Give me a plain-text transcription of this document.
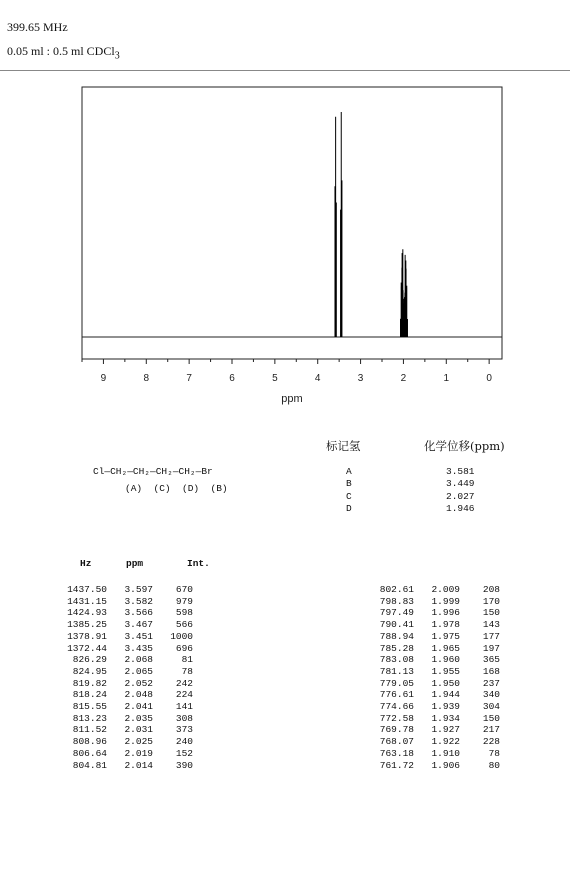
399.65 MHz
0.05 ml : 0.5 ml CDCl$_3$
9	8	7	6	5	4	3	2	1	0
ppm
Cl—CH₂—CH₂—CH₂—CH₂—Br
(A)  (C)  (D)  (B)
标记氢	化学位移(ppm)
A	3.581
B	3.449
C	2.027
D	1.946
Hz	ppm	Int.
1437.50	3.597	670
1431.15	3.582	979
1424.93	3.566	598
1385.25	3.467	566
1378.91	3.451	1000
1372.44	3.435	696
826.29	2.068	81
824.95	2.065	78
819.82	2.052	242
818.24	2.048	224
815.55	2.041	141
813.23	2.035	308
811.52	2.031	373
808.96	2.025	240
806.64	2.019	152
804.81	2.014	390
802.61	2.009	208
798.83	1.999	170
797.49	1.996	150
790.41	1.978	143
788.94	1.975	177
785.28	1.965	197
783.08	1.960	365
781.13	1.955	168
779.05	1.950	237
776.61	1.944	340
774.66	1.939	304
772.58	1.934	150
769.78	1.927	217
768.07	1.922	228
763.18	1.910	78
761.72	1.906	80
